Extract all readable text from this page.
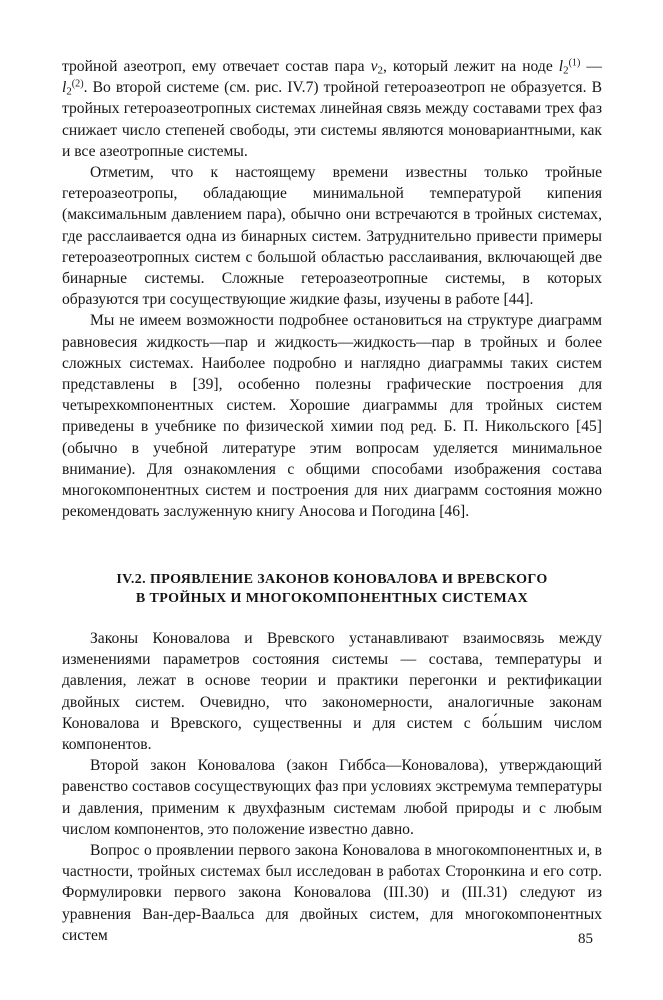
тройной азеотроп, ему отвечает состав пара $v_2$, который лежит на ноде $l_2^{(1)}$ — $l_2^{(2)}$. Во второй системе (см. рис. IV.7) тройной гетероазеотроп не образуется. В тройных гетероазеотропных системах линейная связь между составами трех фаз снижает число степеней свободы, эти системы являются моновариантными, как и все азеотропные системы.

Отметим, что к настоящему времени известны только тройные гетероазеотропы, обладающие минимальной температурой кипения (максимальным давлением пара), обычно они встречаются в тройных системах, где расслаивается одна из бинарных систем. Затруднительно привести примеры гетероазеотропных систем с большой областью расслаивания, включающей две бинарные системы. Сложные гетероазеотропные системы, в которых образуются три сосуществующие жидкие фазы, изучены в работе [44].

Мы не имеем возможности подробнее остановиться на структуре диаграмм равновесия жидкость—пар и жидкость—жидкость—пар в тройных и более сложных системах. Наиболее подробно и наглядно диаграммы таких систем представлены в [39], особенно полезны графические построения для четырехкомпонентных систем. Хорошие диаграммы для тройных систем приведены в учебнике по физической химии под ред. Б. П. Никольского [45] (обычно в учебной литературе этим вопросам уделяется минимальное внимание). Для ознакомления с общими способами изображения состава многокомпонентных систем и построения для них диаграмм состояния можно рекомендовать заслуженную книгу Аносова и Погодина [46].

IV.2. ПРОЯВЛЕНИЕ ЗАКОНОВ КОНОВАЛОВА И ВРЕВСКОГО
В ТРОЙНЫХ И МНОГОКОМПОНЕНТНЫХ СИСТЕМАХ

Законы Коновалова и Вревского устанавливают взаимосвязь между изменениями параметров состояния системы — состава, температуры и давления, лежат в основе теории и практики перегонки и ректификации двойных систем. Очевидно, что закономерности, аналогичные законам Коновалова и Вревского, существенны и для систем с бо́льшим числом компонентов.

Второй закон Коновалова (закон Гиббса—Коновалова), утверждающий равенство составов сосуществующих фаз при условиях экстремума температуры и давления, применим к двухфазным системам любой природы и с любым числом компонентов, это положение известно давно.

Вопрос о проявлении первого закона Коновалова в многокомпонентных и, в частности, тройных системах был исследован в работах Сторонкина и его сотр. Формулировки первого закона Коновалова (III.30) и (III.31) следуют из уравнения Ван-дер-Ваальса для двойных систем, для многокомпонентных систем	85
